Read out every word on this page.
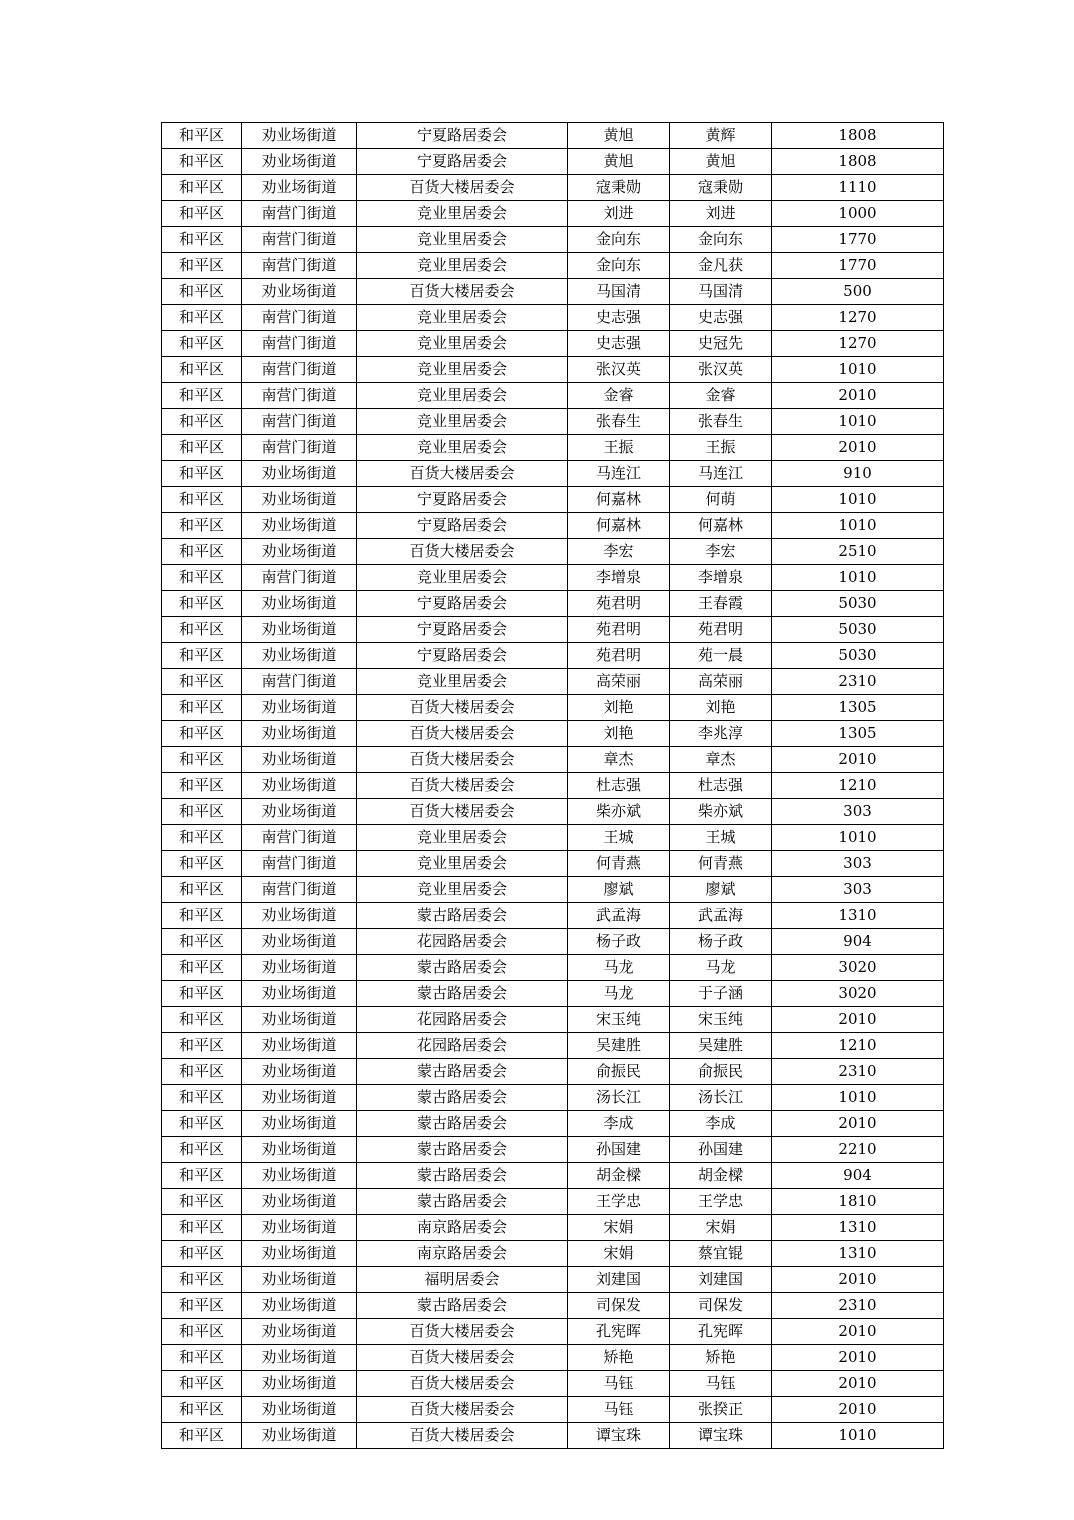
和平区	劝业场街道	宁夏路居委会	黄旭	黄辉	1808
和平区	劝业场街道	宁夏路居委会	黄旭	黄旭	1808
和平区	劝业场街道	百货大楼居委会	寇秉勋	寇秉勋	1110
和平区	南营门街道	竞业里居委会	刘进	刘进	1000
和平区	南营门街道	竞业里居委会	金向东	金向东	1770
和平区	南营门街道	竞业里居委会	金向东	金凡获	1770
和平区	劝业场街道	百货大楼居委会	马国清	马国清	500
和平区	南营门街道	竞业里居委会	史志强	史志强	1270
和平区	南营门街道	竞业里居委会	史志强	史冠先	1270
和平区	南营门街道	竞业里居委会	张汉英	张汉英	1010
和平区	南营门街道	竞业里居委会	金睿	金睿	2010
和平区	南营门街道	竞业里居委会	张春生	张春生	1010
和平区	南营门街道	竞业里居委会	王振	王振	2010
和平区	劝业场街道	百货大楼居委会	马连江	马连江	910
和平区	劝业场街道	宁夏路居委会	何嘉林	何萌	1010
和平区	劝业场街道	宁夏路居委会	何嘉林	何嘉林	1010
和平区	劝业场街道	百货大楼居委会	李宏	李宏	2510
和平区	南营门街道	竞业里居委会	李增泉	李增泉	1010
和平区	劝业场街道	宁夏路居委会	苑君明	王春霞	5030
和平区	劝业场街道	宁夏路居委会	苑君明	苑君明	5030
和平区	劝业场街道	宁夏路居委会	苑君明	苑一晨	5030
和平区	南营门街道	竞业里居委会	高荣丽	高荣丽	2310
和平区	劝业场街道	百货大楼居委会	刘艳	刘艳	1305
和平区	劝业场街道	百货大楼居委会	刘艳	李兆淳	1305
和平区	劝业场街道	百货大楼居委会	章杰	章杰	2010
和平区	劝业场街道	百货大楼居委会	杜志强	杜志强	1210
和平区	劝业场街道	百货大楼居委会	柴亦斌	柴亦斌	303
和平区	南营门街道	竞业里居委会	王城	王城	1010
和平区	南营门街道	竞业里居委会	何青燕	何青燕	303
和平区	南营门街道	竞业里居委会	廖斌	廖斌	303
和平区	劝业场街道	蒙古路居委会	武孟海	武孟海	1310
和平区	劝业场街道	花园路居委会	杨子政	杨子政	904
和平区	劝业场街道	蒙古路居委会	马龙	马龙	3020
和平区	劝业场街道	蒙古路居委会	马龙	于子涵	3020
和平区	劝业场街道	花园路居委会	宋玉纯	宋玉纯	2010
和平区	劝业场街道	花园路居委会	吴建胜	吴建胜	1210
和平区	劝业场街道	蒙古路居委会	俞振民	俞振民	2310
和平区	劝业场街道	蒙古路居委会	汤长江	汤长江	1010
和平区	劝业场街道	蒙古路居委会	李成	李成	2010
和平区	劝业场街道	蒙古路居委会	孙国建	孙国建	2210
和平区	劝业场街道	蒙古路居委会	胡金樑	胡金樑	904
和平区	劝业场街道	蒙古路居委会	王学忠	王学忠	1810
和平区	劝业场街道	南京路居委会	宋娟	宋娟	1310
和平区	劝业场街道	南京路居委会	宋娟	蔡宜锟	1310
和平区	劝业场街道	福明居委会	刘建国	刘建国	2010
和平区	劝业场街道	蒙古路居委会	司保发	司保发	2310
和平区	劝业场街道	百货大楼居委会	孔宪晖	孔宪晖	2010
和平区	劝业场街道	百货大楼居委会	矫艳	矫艳	2010
和平区	劝业场街道	百货大楼居委会	马钰	马钰	2010
和平区	劝业场街道	百货大楼居委会	马钰	张揆正	2010
和平区	劝业场街道	百货大楼居委会	谭宝珠	谭宝珠	1010
